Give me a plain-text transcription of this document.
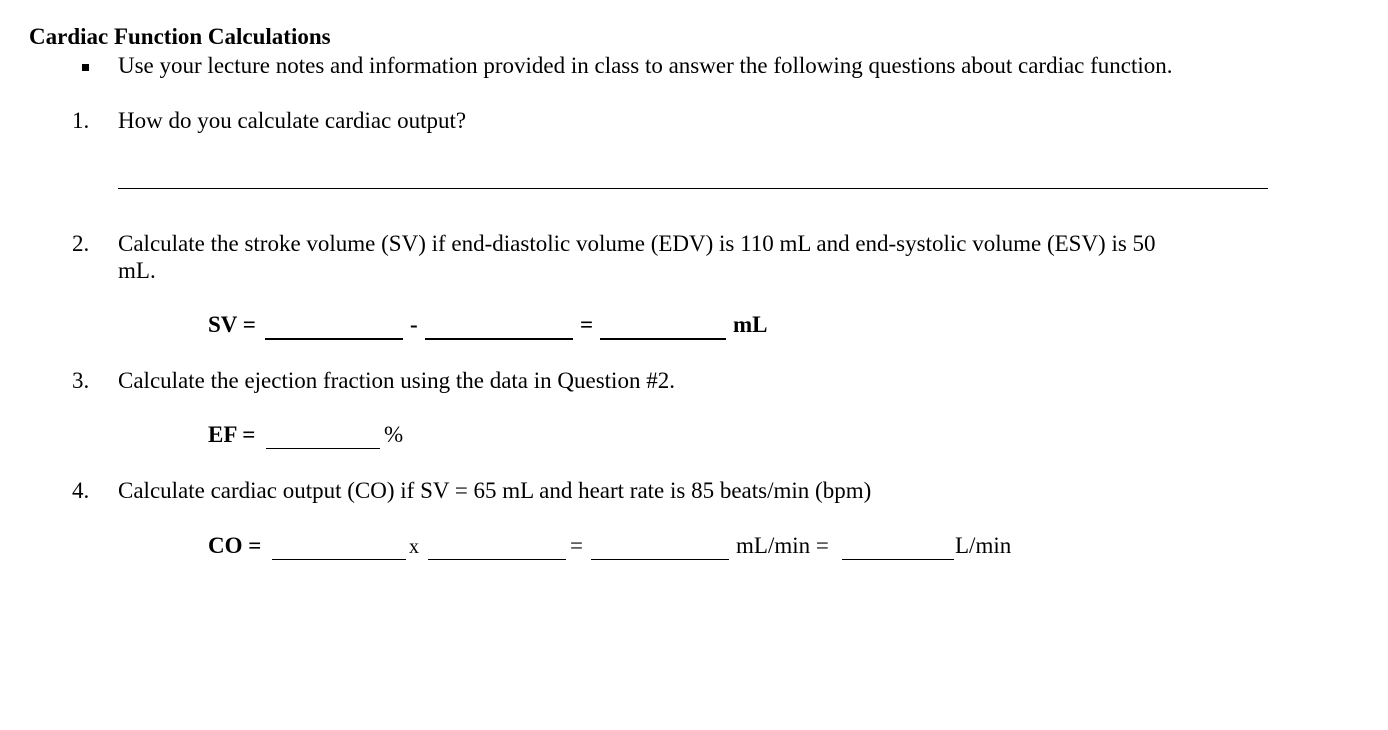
Cardiac Function Calculations
Use your lecture notes and information provided in class to answer the following questions about cardiac function.
1. How do you calculate cardiac output?
2. Calculate the stroke volume (SV) if end-diastolic volume (EDV) is 110 mL and end-systolic volume (ESV) is 50
mL.
SV =	-	=	mL
3. Calculate the ejection fraction using the data in Question #2.
EF =	%
4. Calculate cardiac output (CO) if SV = 65 mL and heart rate is 85 beats/min (bpm)
CO =	x	=	mL/min =	L/min
